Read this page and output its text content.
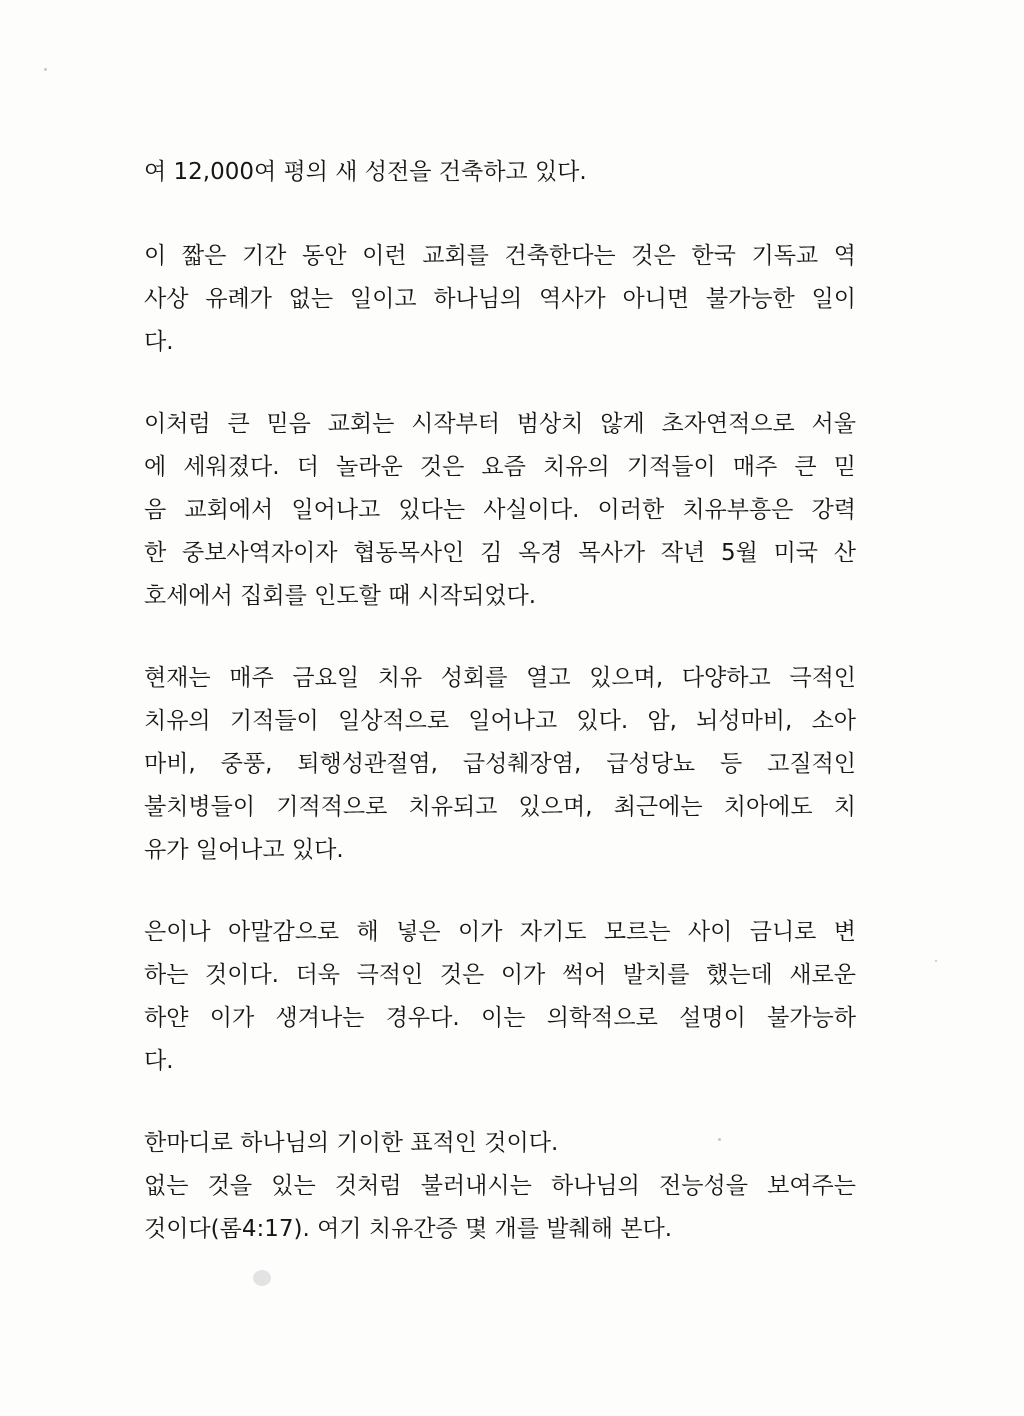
여 12,000여 평의 새 성전을 건축하고 있다.
이 짧은 기간 동안 이런 교회를 건축한다는 것은 한국 기독교 역
사상 유례가 없는 일이고 하나님의 역사가 아니면 불가능한 일이
다.
이처럼 큰 믿음 교회는 시작부터 범상치 않게 초자연적으로 서울
에 세워졌다. 더 놀라운 것은 요즘 치유의 기적들이 매주 큰 믿
음 교회에서 일어나고 있다는 사실이다. 이러한 치유부흥은 강력
한 중보사역자이자 협동목사인 김 옥경 목사가 작년 5월 미국 산
호세에서 집회를 인도할 때 시작되었다.
현재는 매주 금요일 치유 성회를 열고 있으며, 다양하고 극적인
치유의 기적들이 일상적으로 일어나고 있다. 암, 뇌성마비, 소아
마비, 중풍, 퇴행성관절염, 급성췌장염, 급성당뇨 등 고질적인
불치병들이 기적적으로 치유되고 있으며, 최근에는 치아에도 치
유가 일어나고 있다.
은이나 아말감으로 해 넣은 이가 자기도 모르는 사이 금니로 변
하는 것이다. 더욱 극적인 것은 이가 썩어 발치를 했는데 새로운
하얀 이가 생겨나는 경우다. 이는 의학적으로 설명이 불가능하
다.
한마디로 하나님의 기이한 표적인 것이다.
없는 것을 있는 것처럼 불러내시는 하나님의 전능성을 보여주는
것이다(롬4:17). 여기 치유간증 몇 개를 발췌해 본다.
